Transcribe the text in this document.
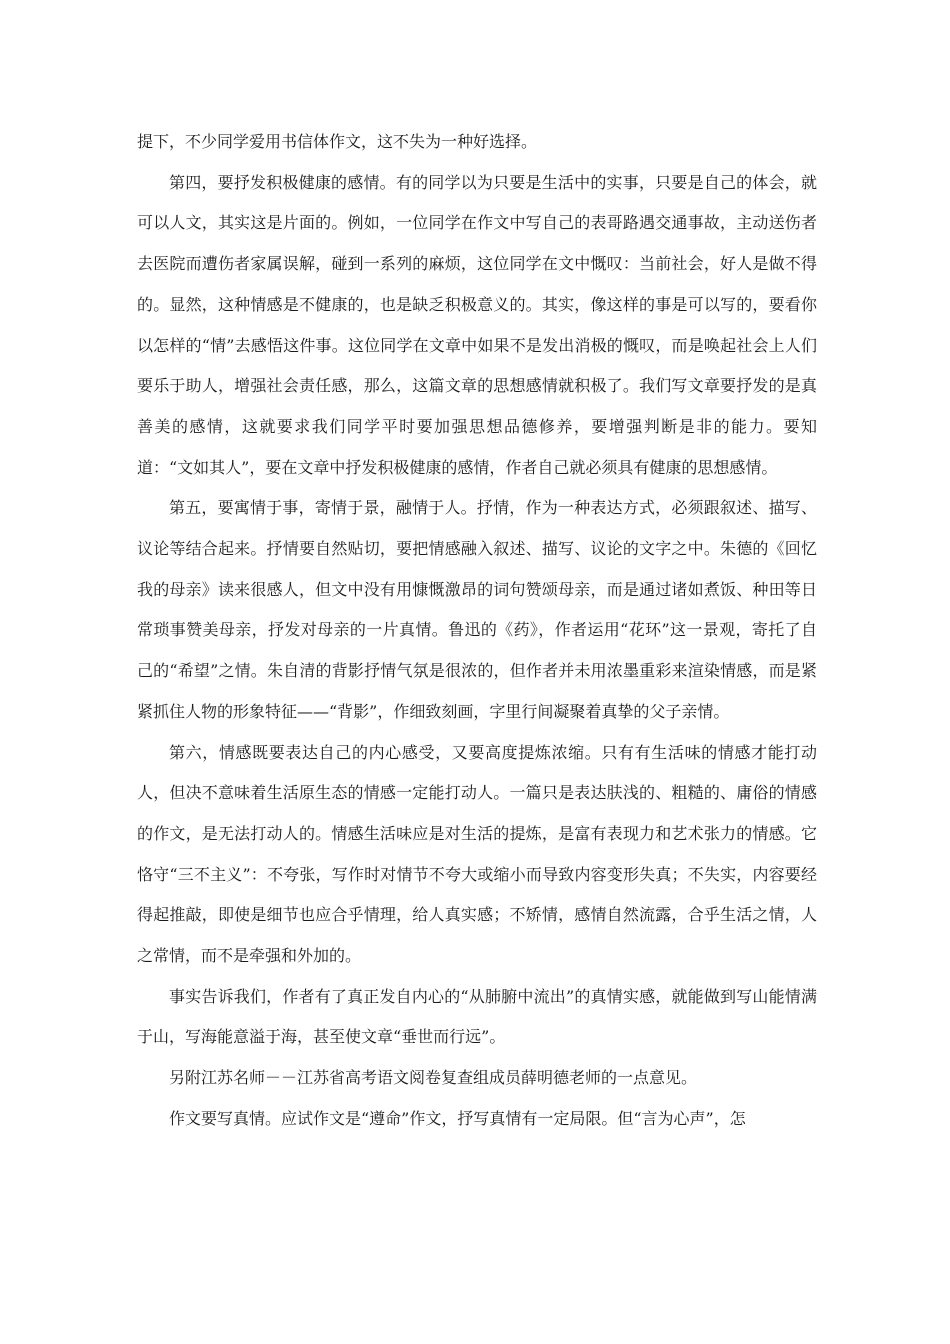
提下，不少同学爱用书信体作文，这不失为一种好选择。

第四，要抒发积极健康的感情。有的同学以为只要是生活中的实事，只要是自己的体会，就可以人文，其实这是片面的。例如，一位同学在作文中写自己的表哥路遇交通事故，主动送伤者去医院而遭伤者家属误解，碰到一系列的麻烦，这位同学在文中慨叹：当前社会，好人是做不得的。显然，这种情感是不健康的，也是缺乏积极意义的。其实，像这样的事是可以写的，要看你以怎样的“情”去感悟这件事。这位同学在文章中如果不是发出消极的慨叹，而是唤起社会上人们要乐于助人，增强社会责任感，那么，这篇文章的思想感情就积极了。我们写文章要抒发的是真善美的感情，这就要求我们同学平时要加强思想品德修养，要增强判断是非的能力。要知道：“文如其人”，要在文章中抒发积极健康的感情，作者自己就必须具有健康的思想感情。

第五，要寓情于事，寄情于景，融情于人。抒情，作为一种表达方式，必须跟叙述、描写、议论等结合起来。抒情要自然贴切，要把情感融入叙述、描写、议论的文字之中。朱德的《回忆我的母亲》读来很感人，但文中没有用慷慨激昂的词句赞颂母亲，而是通过诸如煮饭、种田等日常琐事赞美母亲，抒发对母亲的一片真情。鲁迅的《药》，作者运用“花环”这一景观，寄托了自己的“希望”之情。朱自清的背影抒情气氛是很浓的，但作者并未用浓墨重彩来渲染情感，而是紧紧抓住人物的形象特征——“背影”，作细致刻画，字里行间凝聚着真挚的父子亲情。

第六，情感既要表达自己的内心感受，又要高度提炼浓缩。只有有生活味的情感才能打动人，但决不意味着生活原生态的情感一定能打动人。一篇只是表达肤浅的、粗糙的、庸俗的情感的作文，是无法打动人的。情感生活味应是对生活的提炼，是富有表现力和艺术张力的情感。它恪守“三不主义”：不夸张，写作时对情节不夸大或缩小而导致内容变形失真；不失实，内容要经得起推敲，即使是细节也应合乎情理，给人真实感；不矫情，感情自然流露，合乎生活之情，人之常情，而不是牵强和外加的。

事实告诉我们，作者有了真正发自内心的“从肺腑中流出”的真情实感，就能做到写山能情满于山，写海能意溢于海，甚至使文章“垂世而行远”。

另附江苏名师－－江苏省高考语文阅卷复查组成员薛明德老师的一点意见。

作文要写真情。应试作文是“遵命”作文，抒写真情有一定局限。但“言为心声”，怎
